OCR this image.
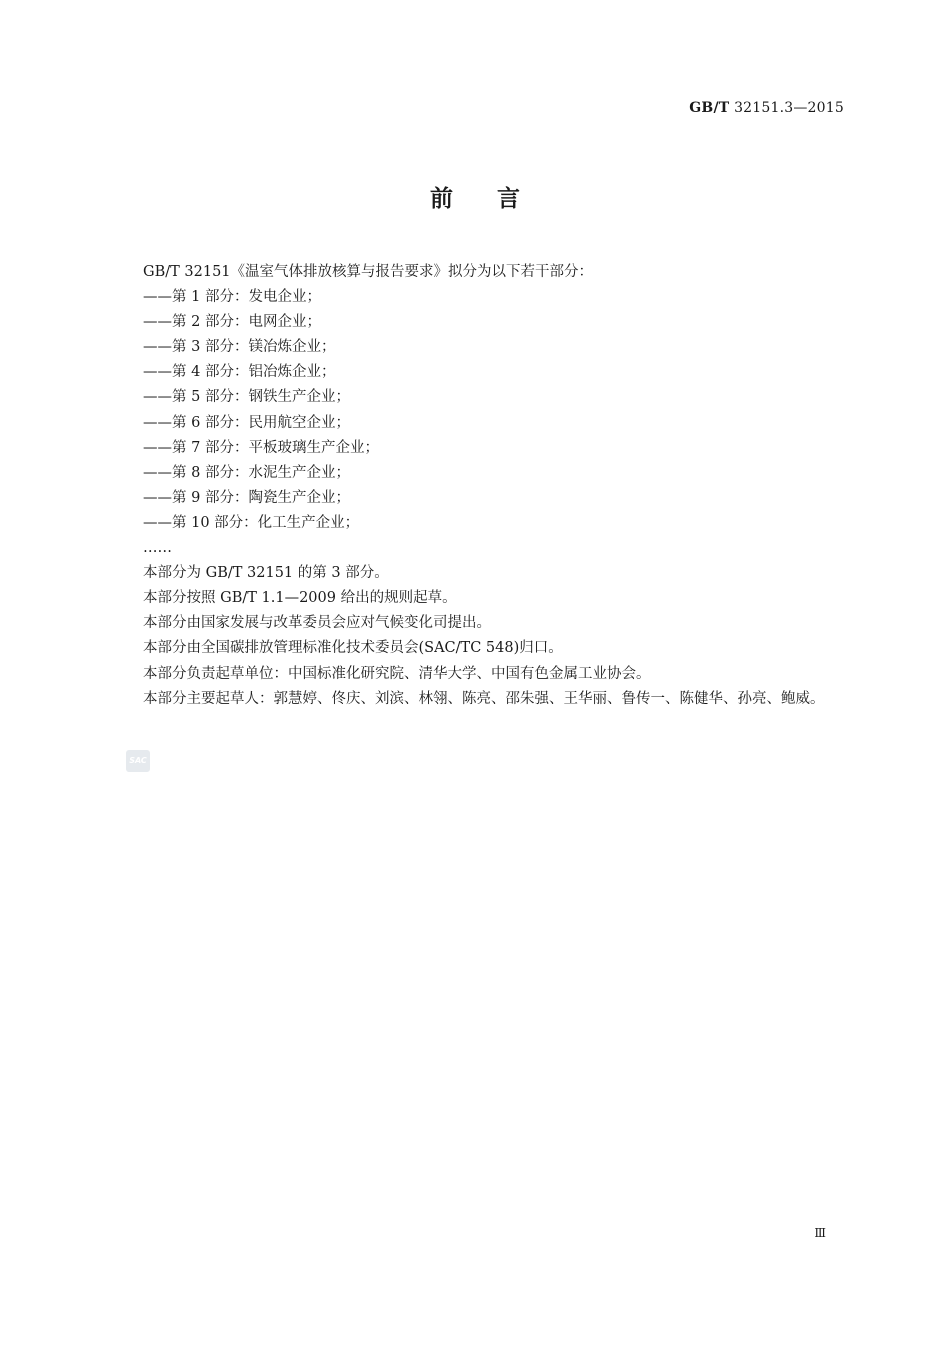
GB/T 32151.3—2015
前言
GB/T 32151《温室气体排放核算与报告要求》拟分为以下若干部分：
——第 1 部分：发电企业；
——第 2 部分：电网企业；
——第 3 部分：镁冶炼企业；
——第 4 部分：铝冶炼企业；
——第 5 部分：钢铁生产企业；
——第 6 部分：民用航空企业；
——第 7 部分：平板玻璃生产企业；
——第 8 部分：水泥生产企业；
——第 9 部分：陶瓷生产企业；
——第 10 部分：化工生产企业；
……
本部分为 GB/T 32151 的第 3 部分。
本部分按照 GB/T 1.1—2009 给出的规则起草。
本部分由国家发展与改革委员会应对气候变化司提出。
本部分由全国碳排放管理标准化技术委员会(SAC/TC 548)归口。
本部分负责起草单位：中国标准化研究院、清华大学、中国有色金属工业协会。
本部分主要起草人：郭慧婷、佟庆、刘滨、林翎、陈亮、邵朱强、王华丽、鲁传一、陈健华、孙亮、鲍威。
SAC
Ⅲ
